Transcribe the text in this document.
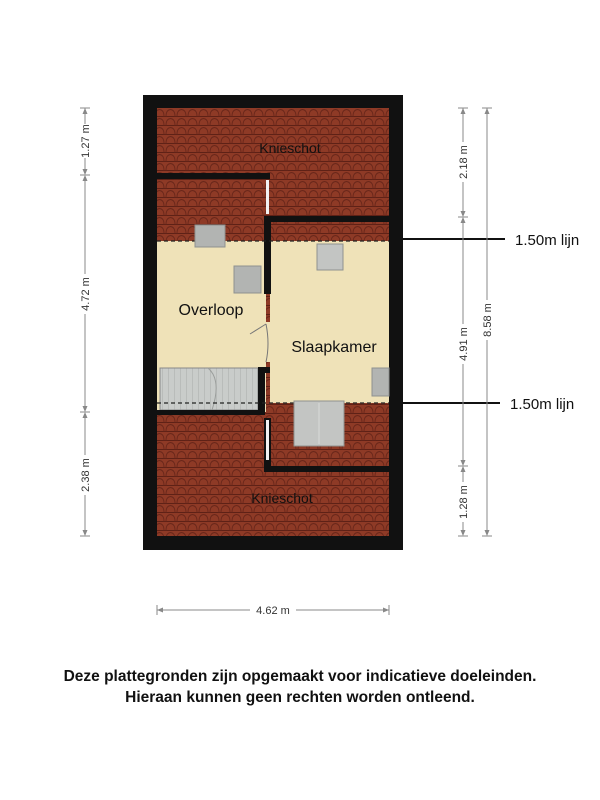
Knieschot
Overloop
Slaapkamer
Knieschot
1.50m lijn
1.50m lijn
1.27 m
4.72 m
2.38 m
2.18 m
4.91 m
1.28 m
8.58 m
4.62 m
Deze plattegronden zijn opgemaakt voor indicatieve doeleinden.
Hieraan kunnen geen rechten worden ontleend.
